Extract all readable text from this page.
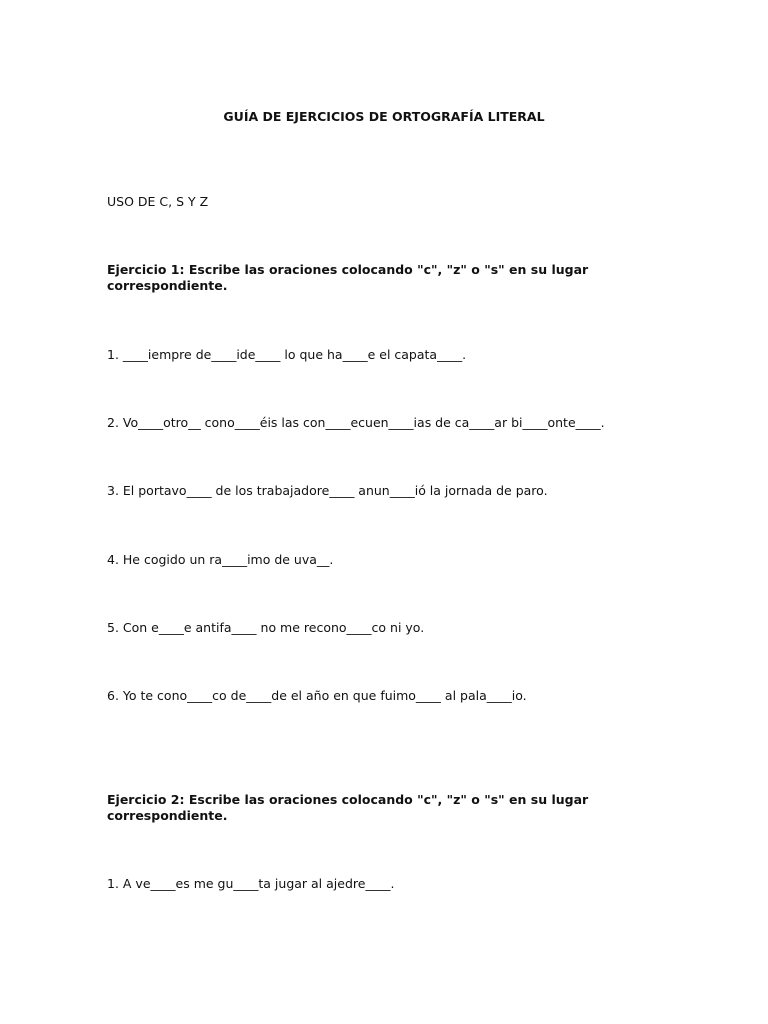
GUÍA DE EJERCICIOS DE ORTOGRAFÍA LITERAL
USO DE C, S Y Z
Ejercicio 1: Escribe las oraciones colocando "c", "z" o "s" en su lugar correspondiente.
1. ____iempre de____ide____ lo que ha____e el capata____.
2. Vo____otro__ cono____éis las con____ecuen____ias de ca____ar bi____onte____.
3. El portavo____ de los trabajadore____ anun____ió la jornada de paro.
4. He cogido un ra____imo de uva__.
5. Con e____e antifa____ no me recono____co ni yo.
6. Yo te cono____co de____de el año en que fuimo____ al pala____io.
Ejercicio 2: Escribe las oraciones colocando "c", "z" o "s" en su lugar correspondiente.
1. A ve____es me gu____ta jugar al ajedre____.
